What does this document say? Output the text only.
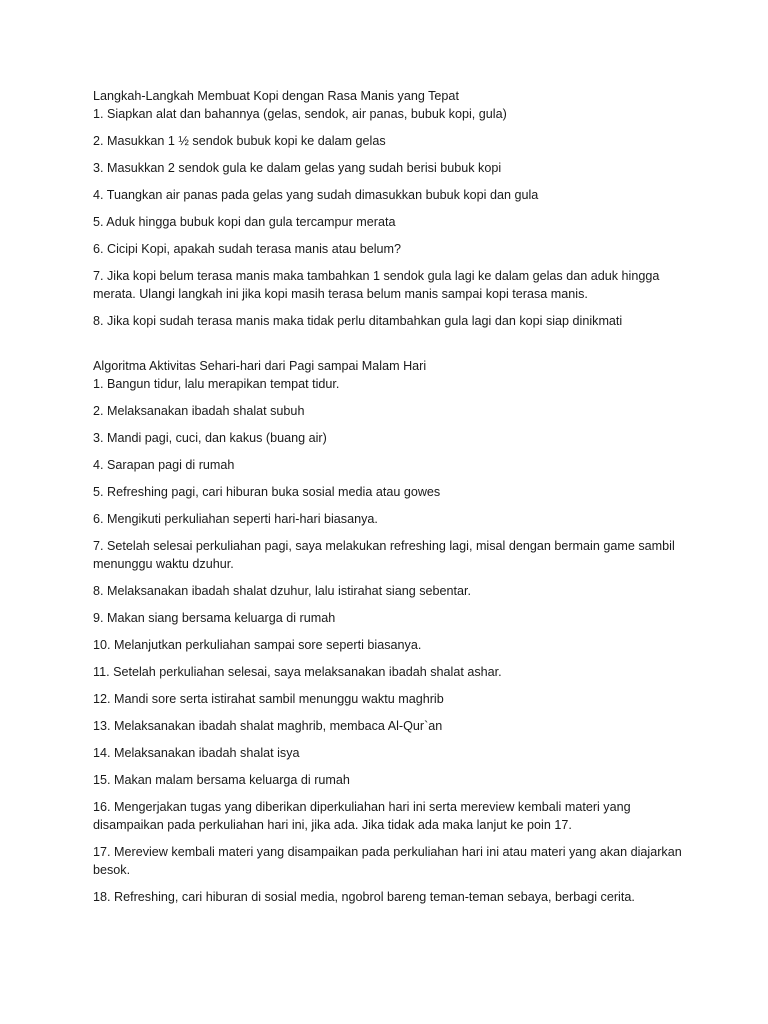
Langkah-Langkah Membuat Kopi dengan Rasa Manis yang Tepat

1. Siapkan alat dan bahannya (gelas, sendok, air panas, bubuk kopi, gula)

2. Masukkan 1 ½ sendok bubuk kopi ke dalam gelas

3. Masukkan 2 sendok gula ke dalam gelas yang sudah berisi bubuk kopi

4. Tuangkan air panas pada gelas yang sudah dimasukkan bubuk kopi dan gula

5. Aduk hingga bubuk kopi dan gula tercampur merata

6. Cicipi Kopi, apakah sudah terasa manis atau belum?

7. Jika kopi belum terasa manis maka tambahkan 1 sendok gula lagi ke dalam gelas dan aduk hingga merata. Ulangi langkah ini jika kopi masih terasa belum manis sampai kopi terasa manis.

8. Jika kopi sudah terasa manis maka tidak perlu ditambahkan gula lagi dan kopi siap dinikmati

Algoritma Aktivitas Sehari-hari dari Pagi sampai Malam Hari

1. Bangun tidur, lalu merapikan tempat tidur.

2. Melaksanakan ibadah shalat subuh

3. Mandi pagi, cuci, dan kakus (buang air)

4. Sarapan pagi di rumah

5. Refreshing pagi, cari hiburan buka sosial media atau gowes

6. Mengikuti perkuliahan seperti hari-hari biasanya.

7. Setelah selesai perkuliahan pagi, saya melakukan refreshing lagi, misal dengan bermain game sambil menunggu waktu dzuhur.

8. Melaksanakan ibadah shalat dzuhur, lalu istirahat siang sebentar.

9. Makan siang bersama keluarga di rumah

10. Melanjutkan perkuliahan sampai sore seperti biasanya.

11. Setelah perkuliahan selesai, saya melaksanakan ibadah shalat ashar.

12. Mandi sore serta istirahat sambil menunggu waktu maghrib

13. Melaksanakan ibadah shalat maghrib, membaca Al-Qur`an

14. Melaksanakan ibadah shalat isya

15. Makan malam bersama keluarga di rumah

16. Mengerjakan tugas yang diberikan diperkuliahan hari ini serta mereview kembali materi yang disampaikan pada perkuliahan hari ini, jika ada. Jika tidak ada maka lanjut ke poin 17.

17. Mereview kembali materi yang disampaikan pada perkuliahan hari ini atau materi yang akan diajarkan besok.

18. Refreshing, cari hiburan di sosial media, ngobrol bareng teman-teman sebaya, berbagi cerita.
